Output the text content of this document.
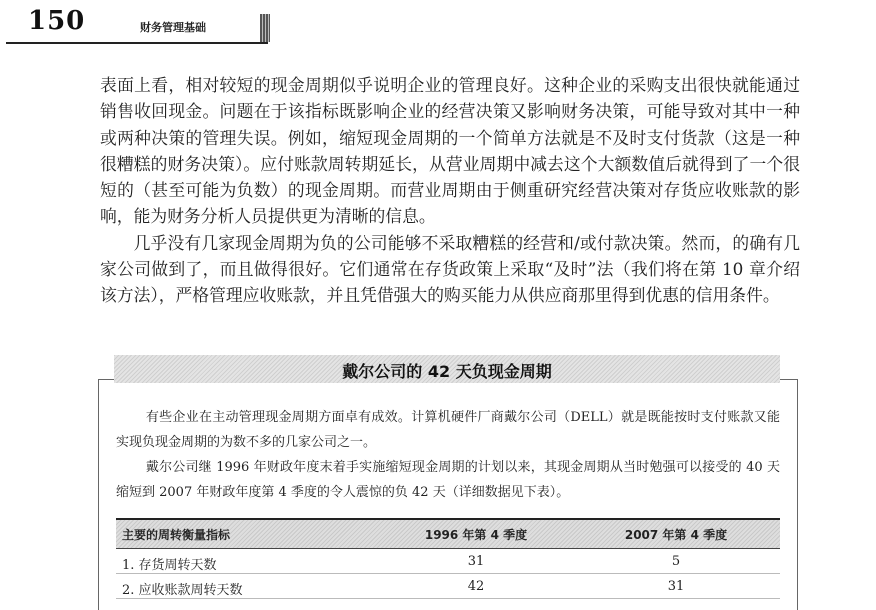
150	财务管理基础

表面上看，相对较短的现金周期似乎说明企业的管理良好。这种企业的采购支出很快就能通过销售收回现金。问题在于该指标既影响企业的经营决策又影响财务决策，可能导致对其中一种或两种决策的管理失误。例如，缩短现金周期的一个简单方法就是不及时支付货款（这是一种很糟糕的财务决策）。应付账款周转期延长，从营业周期中减去这个大额数值后就得到了一个很短的（甚至可能为负数）的现金周期。而营业周期由于侧重研究经营决策对存货应收账款的影响，能为财务分析人员提供更为清晰的信息。

几乎没有几家现金周期为负的公司能够不采取糟糕的经营和/或付款决策。然而，的确有几家公司做到了，而且做得很好。它们通常在存货政策上采取“及时”法（我们将在第 10 章介绍该方法），严格管理应收账款，并且凭借强大的购买能力从供应商那里得到优惠的信用条件。

戴尔公司的 42 天负现金周期

有些企业在主动管理现金周期方面卓有成效。计算机硬件厂商戴尔公司（DELL）就是既能按时支付账款又能实现负现金周期的为数不多的几家公司之一。

戴尔公司继 1996 年财政年度末着手实施缩短现金周期的计划以来，其现金周期从当时勉强可以接受的 40 天缩短到 2007 年财政年度第 4 季度的令人震惊的负 42 天（详细数据见下表）。

主要的周转衡量指标	1996 年第 4 季度	2007 年第 4 季度
1. 存货周转天数	31	5
2. 应收账款周转天数	42	31
